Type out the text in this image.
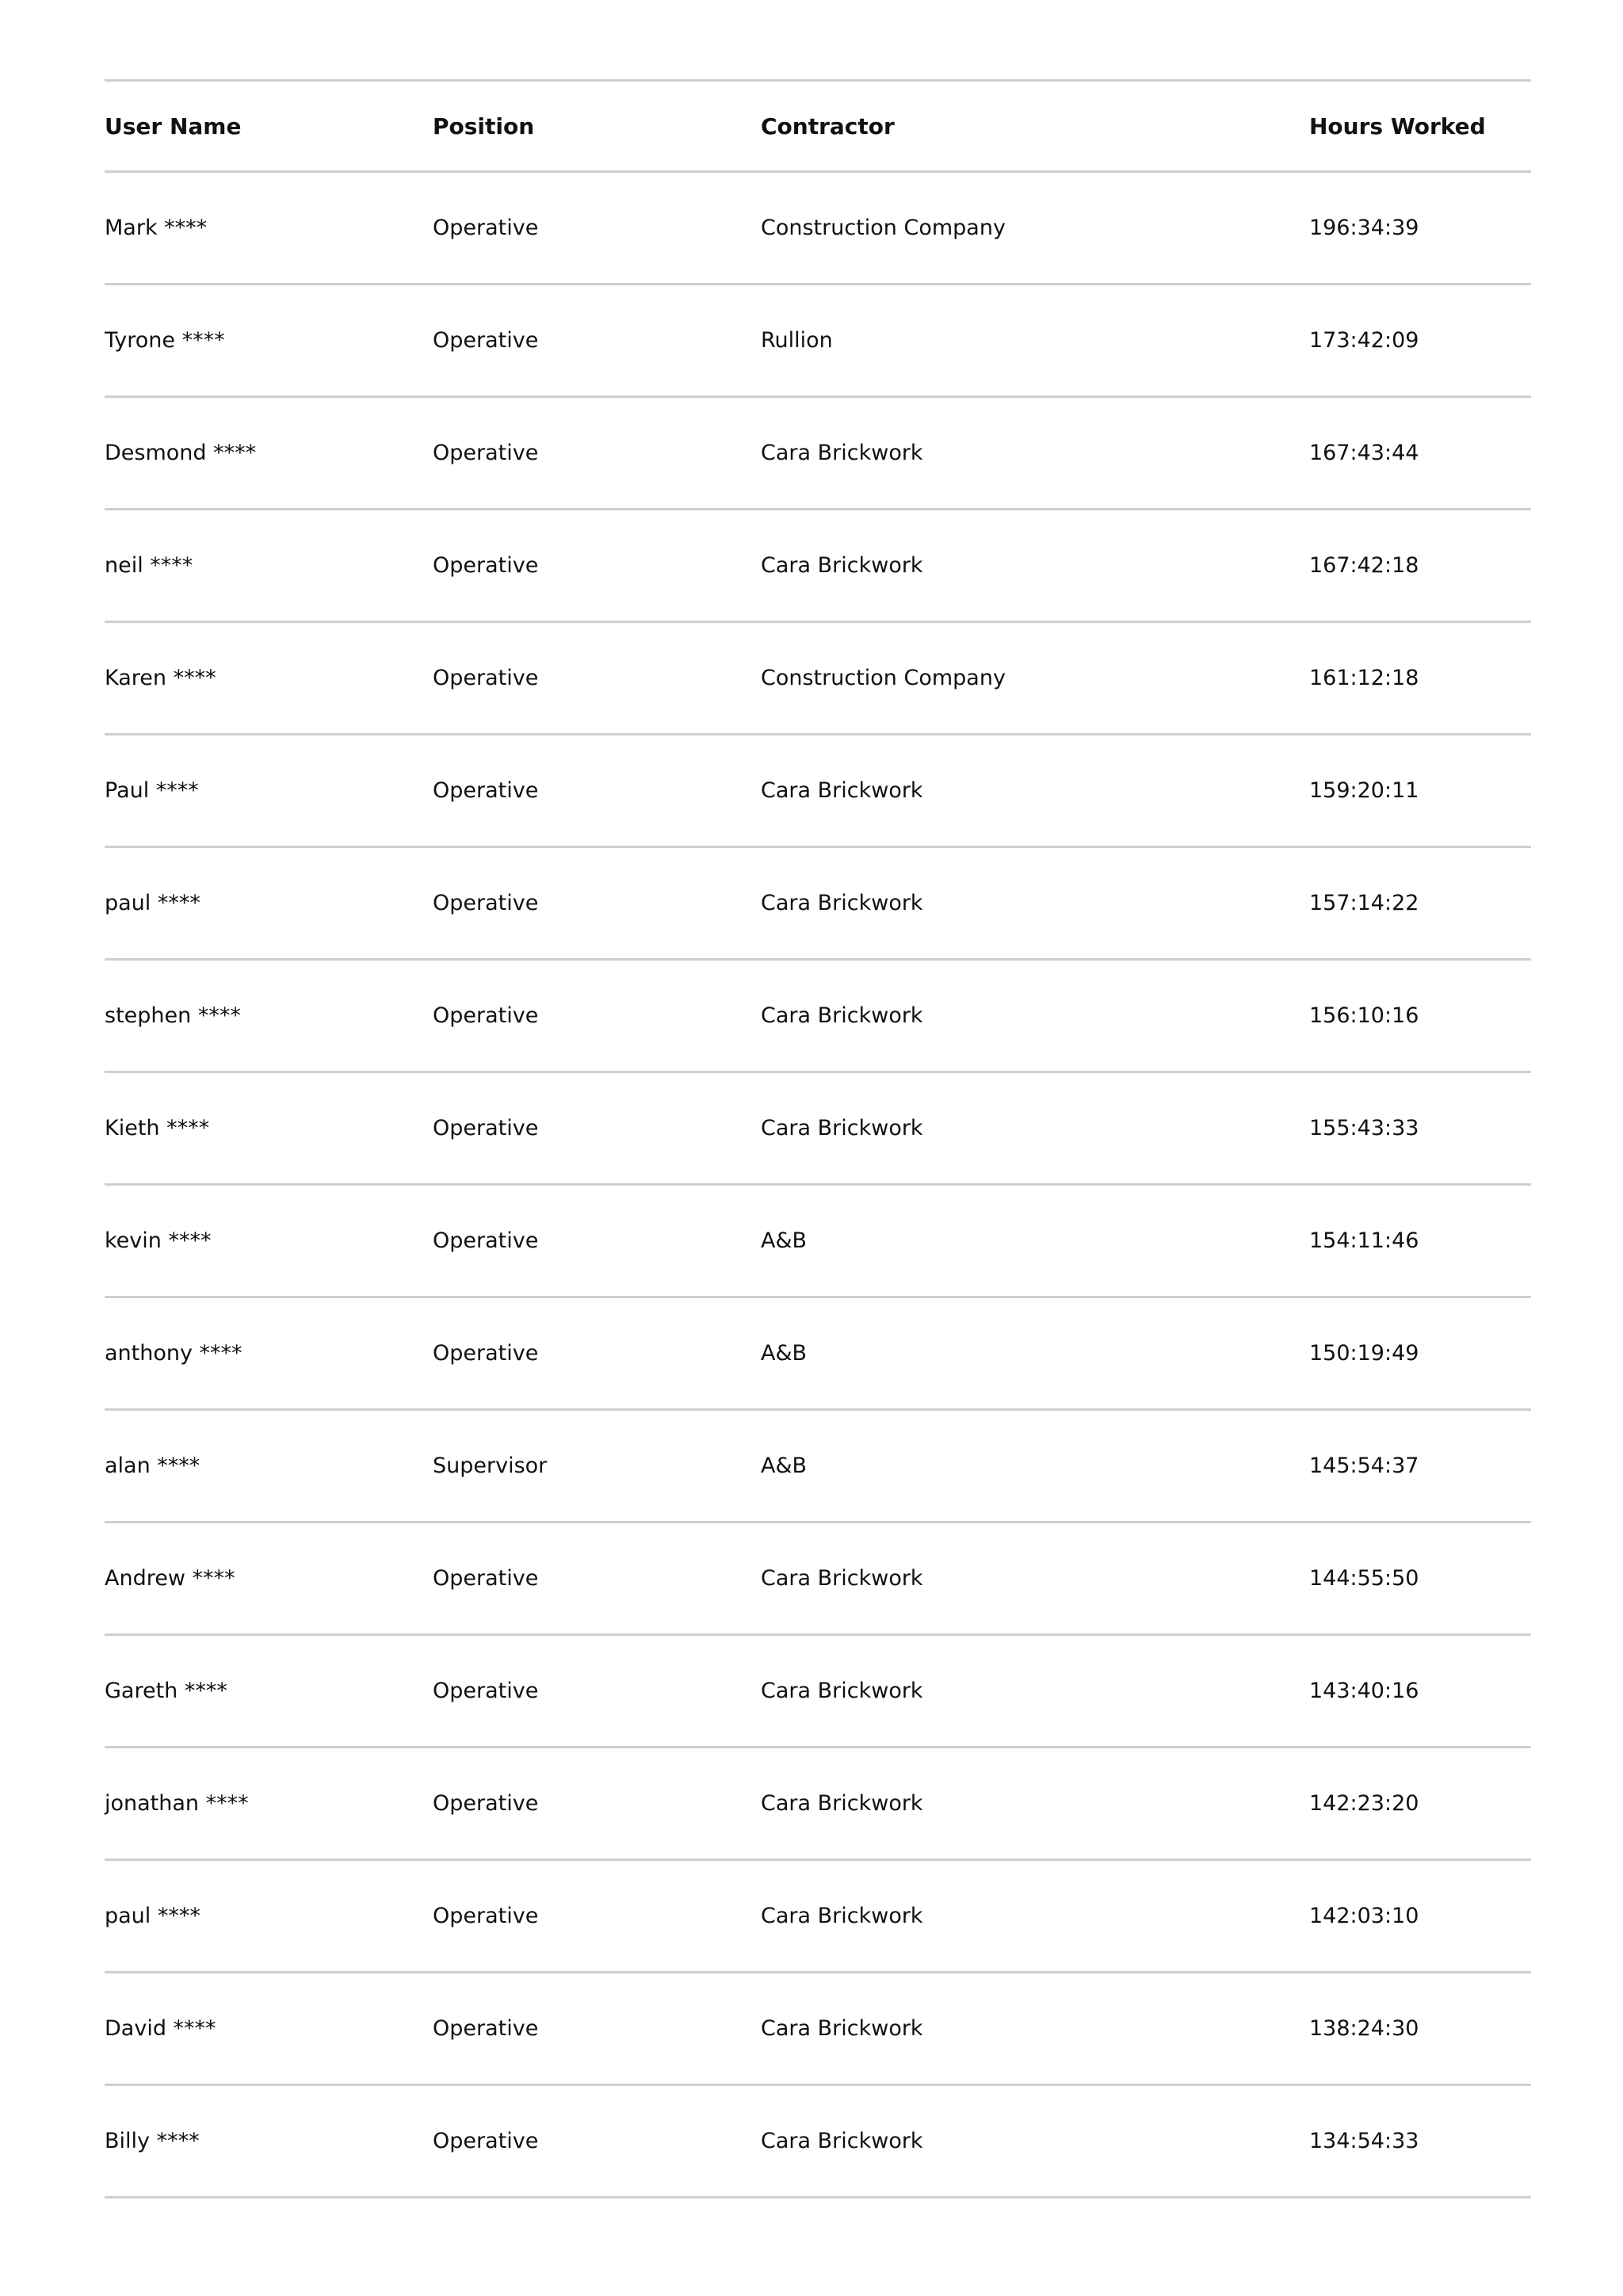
User Name	Position	Contractor	Hours Worked
Mark ****	Operative	Construction Company	196:34:39
Tyrone ****	Operative	Rullion	173:42:09
Desmond ****	Operative	Cara Brickwork	167:43:44
neil ****	Operative	Cara Brickwork	167:42:18
Karen ****	Operative	Construction Company	161:12:18
Paul ****	Operative	Cara Brickwork	159:20:11
paul ****	Operative	Cara Brickwork	157:14:22
stephen ****	Operative	Cara Brickwork	156:10:16
Kieth ****	Operative	Cara Brickwork	155:43:33
kevin ****	Operative	A&B	154:11:46
anthony ****	Operative	A&B	150:19:49
alan ****	Supervisor	A&B	145:54:37
Andrew ****	Operative	Cara Brickwork	144:55:50
Gareth ****	Operative	Cara Brickwork	143:40:16
jonathan ****	Operative	Cara Brickwork	142:23:20
paul ****	Operative	Cara Brickwork	142:03:10
David ****	Operative	Cara Brickwork	138:24:30
Billy ****	Operative	Cara Brickwork	134:54:33
